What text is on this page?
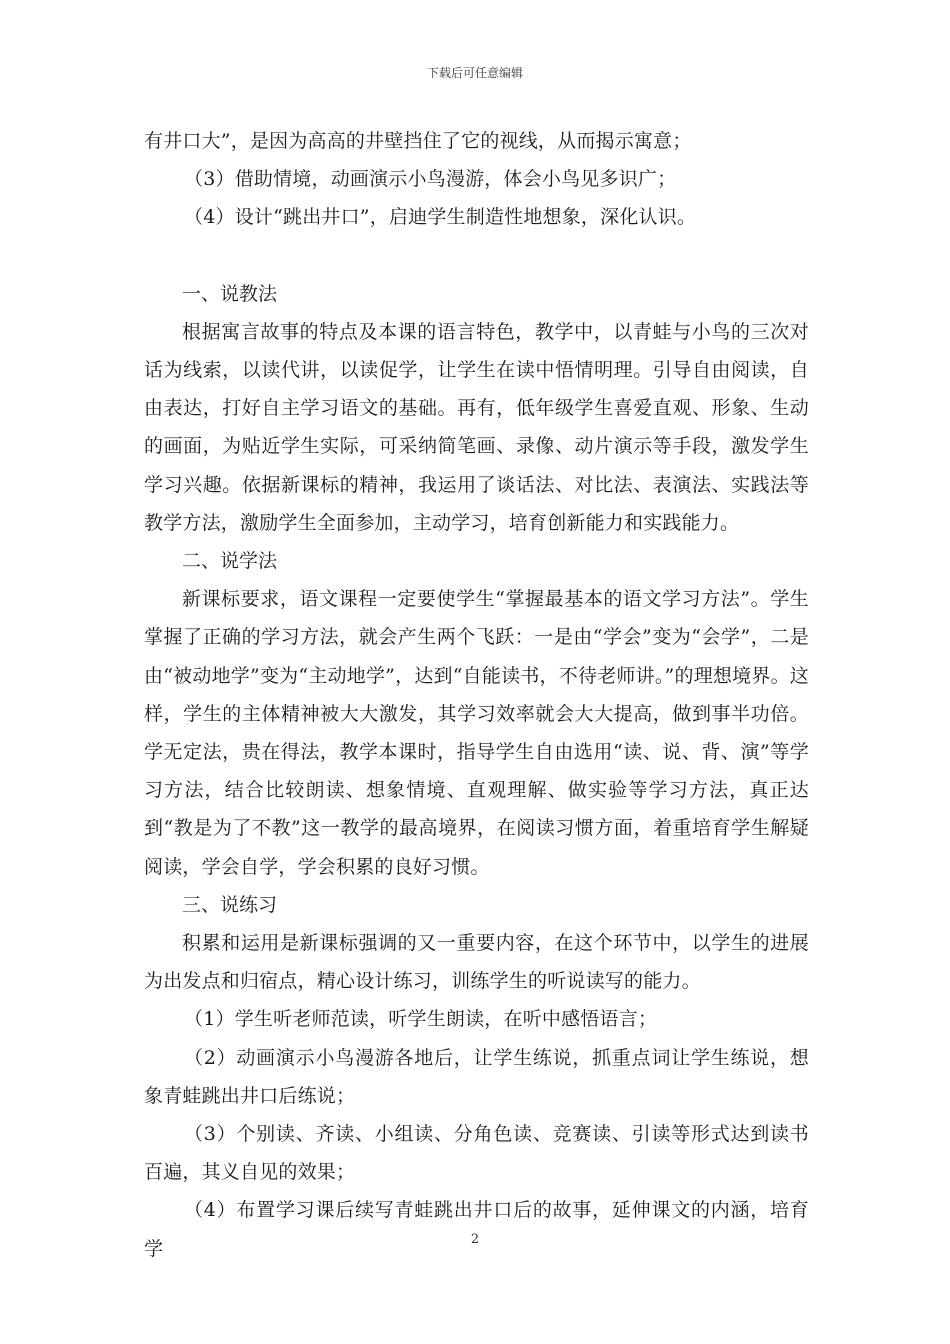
下载后可任意编辑

有井口大”，是因为高高的井壁挡住了它的视线，从而揭示寓意；

（3）借助情境，动画演示小鸟漫游，体会小鸟见多识广；

（4）设计“跳出井口”，启迪学生制造性地想象，深化认识。

一、说教法

根据寓言故事的特点及本课的语言特色，教学中，以青蛙与小鸟的三次对话为线索，以读代讲，以读促学，让学生在读中悟情明理。引导自由阅读，自由表达，打好自主学习语文的基础。再有，低年级学生喜爱直观、形象、生动的画面，为贴近学生实际，可采纳简笔画、录像、动片演示等手段，激发学生学习兴趣。依据新课标的精神，我运用了谈话法、对比法、表演法、实践法等教学方法，激励学生全面参加，主动学习，培育创新能力和实践能力。

二、说学法

新课标要求，语文课程一定要使学生“掌握最基本的语文学习方法”。学生掌握了正确的学习方法，就会产生两个飞跃：一是由“学会”变为“会学”，二是由“被动地学”变为“主动地学”，达到“自能读书，不待老师讲。”的理想境界。这样，学生的主体精神被大大激发，其学习效率就会大大提高，做到事半功倍。学无定法，贵在得法，教学本课时，指导学生自由选用“读、说、背、演”等学习方法，结合比较朗读、想象情境、直观理解、做实验等学习方法，真正达到“教是为了不教”这一教学的最高境界，在阅读习惯方面，着重培育学生解疑阅读，学会自学，学会积累的良好习惯。

三、说练习

积累和运用是新课标强调的又一重要内容，在这个环节中，以学生的进展为出发点和归宿点，精心设计练习，训练学生的听说读写的能力。

（1）学生听老师范读，听学生朗读，在听中感悟语言；

（2）动画演示小鸟漫游各地后，让学生练说，抓重点词让学生练说，想象青蛙跳出井口后练说；

（3）个别读、齐读、小组读、分角色读、竞赛读、引读等形式达到读书百遍，其义自见的效果；

（4）布置学习课后续写青蛙跳出井口后的故事，延伸课文的内涵，培育学	2
